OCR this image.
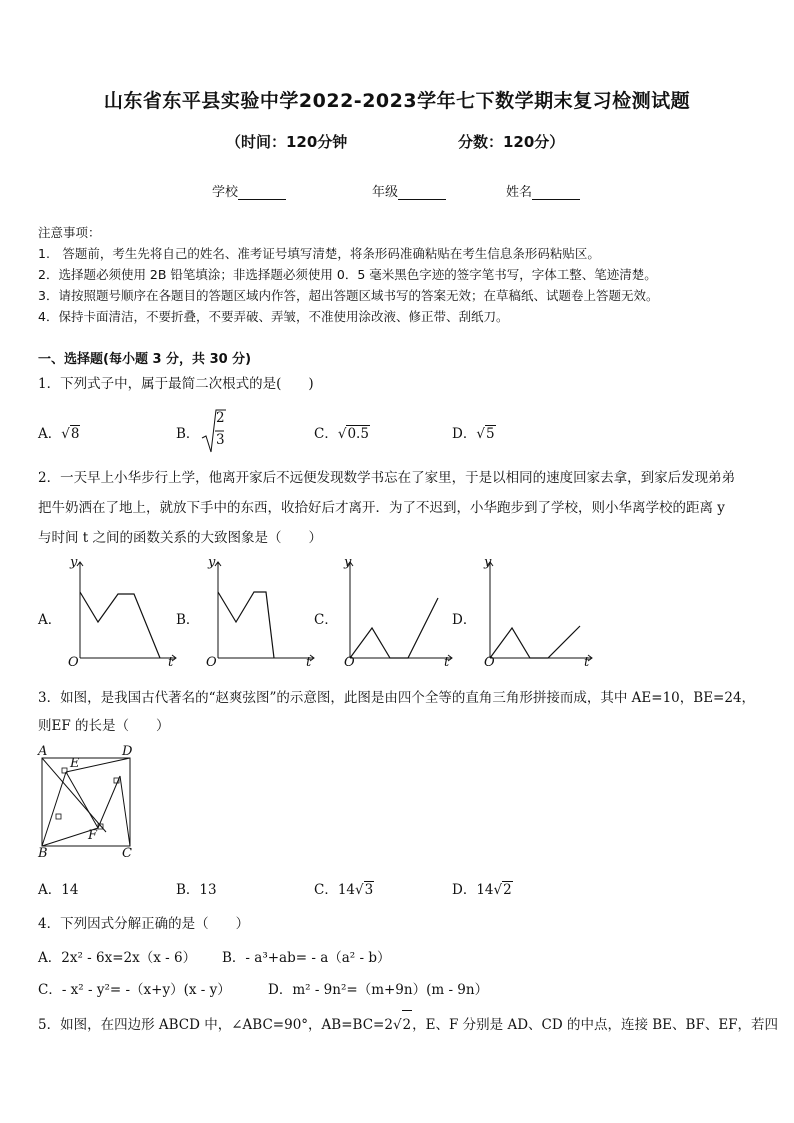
山东省东平县实验中学2022-2023学年七下数学期末复习检测试题
（时间：120分钟	分数：120分）
学校	年级	姓名
注意事项：
1.　答题前，考生先将自己的姓名、准考证号填写清楚，将条形码准确粘贴在考生信息条形码粘贴区。
2．选择题必须使用 2B 铅笔填涂；非选择题必须使用 0．5 毫米黑色字迹的签字笔书写，字体工整、笔迹清楚。
3．请按照题号顺序在各题目的答题区域内作答，超出答题区域书写的答案无效；在草稿纸、试题卷上答题无效。
4．保持卡面清洁，不要折叠，不要弄破、弄皱，不准使用涂改液、修正带、刮纸刀。
一、选择题(每小题 3 分，共 30 分)
1．下列式子中，属于最简二次根式的是(　　)
A．√8	B．
2
3	C．√0.5	D．√5
2．一天早上小华步行上学，他离开家后不远便发现数学书忘在了家里，于是以相同的速度回家去拿，到家后发现弟弟
把牛奶洒在了地上，就放下手中的东西，收拾好后才离开．为了不迟到，小华跑步到了学校，则小华离学校的距离 y
与时间 t 之间的函数关系的大致图象是（　　）
A．	B．	C．	D．
y
t
O
y
t
O
y
t
O
y
t
O
3．如图，是我国古代著名的“赵爽弦图”的示意图，此图是由四个全等的直角三角形拼接而成，其中 AE=10，BE=24，
则EF 的长是（　　）
A	D
E
F
B	C
A．14	B．13	C．14√3	D．14√2
4．下列因式分解正确的是（　　）
A．2x² - 6x=2x（x - 6） B．- a³+ab= - a（a² - b）
C．- x² - y²= -（x+y）(x - y）	D．m² - 9n²=（m+9n）(m - 9n）
5．如图，在四边形 ABCD 中，∠ABC=90°，AB=BC=2√2，E、F 分别是 AD、CD 的中点，连接 BE、BF、EF，若四
